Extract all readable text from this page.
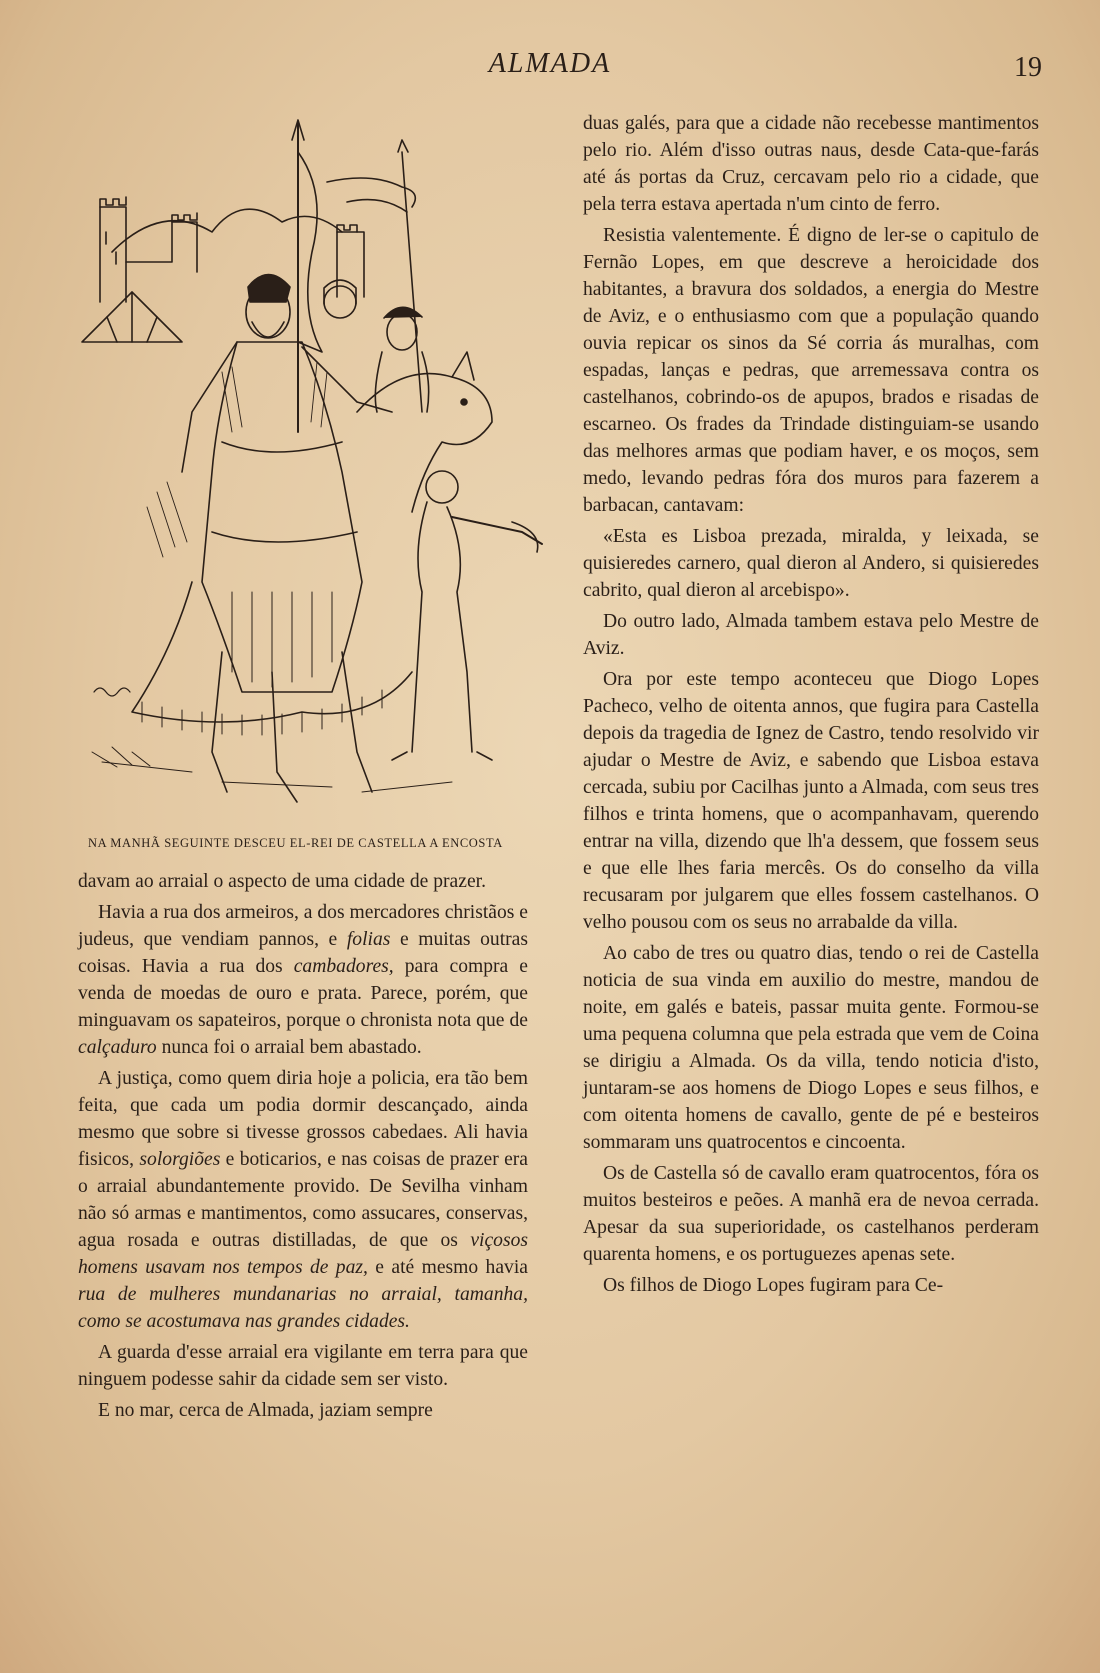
ALMADA	19
NA MANHÃ SEGUINTE DESCEU EL-REI DE CASTELLA A ENCOSTA

davam ao arraial o aspecto de uma cidade de prazer.

Havia a rua dos armeiros, a dos mercadores christãos e judeus, que vendiam pannos, e folias e muitas outras coisas. Havia a rua dos cambadores, para compra e venda de moedas de ouro e prata. Parece, porém, que minguavam os sapateiros, porque o chronista nota que de calçaduro nunca foi o arraial bem abastado.

A justiça, como quem diria hoje a policia, era tão bem feita, que cada um podia dormir descançado, ainda mesmo que sobre si tivesse grossos cabedaes. Ali havia fisicos, solorgiões e boticarios, e nas coisas de prazer era o arraial abundantemente provido. De Sevilha vinham não só armas e mantimentos, como assucares, conservas, agua rosada e outras distilladas, de que os viçosos homens usavam nos tempos de paz, e até mesmo havia rua de mulheres mundanarias no arraial, tamanha, como se acostumava nas grandes cidades.

A guarda d'esse arraial era vigilante em terra para que ninguem podesse sahir da cidade sem ser visto.

E no mar, cerca de Almada, jaziam sempre

duas galés, para que a cidade não recebesse mantimentos pelo rio. Além d'isso outras naus, desde Cata-que-farás até ás portas da Cruz, cercavam pelo rio a cidade, que pela terra estava apertada n'um cinto de ferro.

Resistia valentemente. É digno de ler-se o capitulo de Fernão Lopes, em que descreve a heroicidade dos habitantes, a bravura dos soldados, a energia do Mestre de Aviz, e o enthusiasmo com que a população quando ouvia repicar os sinos da Sé corria ás muralhas, com espadas, lanças e pedras, que arremessava contra os castelhanos, cobrindo-os de apupos, brados e risadas de escarneo. Os frades da Trindade distinguiam-se usando das melhores armas que podiam haver, e os moços, sem medo, levando pedras fóra dos muros para fazerem a barbacan, cantavam:

«Esta es Lisboa prezada, miralda, y leixada, se quisieredes carnero, qual dieron al Andero, si quisieredes cabrito, qual dieron al arcebispo».

Do outro lado, Almada tambem estava pelo Mestre de Aviz.

Ora por este tempo aconteceu que Diogo Lopes Pacheco, velho de oitenta annos, que fugira para Castella depois da tragedia de Ignez de Castro, tendo resolvido vir ajudar o Mestre de Aviz, e sabendo que Lisboa estava cercada, subiu por Cacilhas junto a Almada, com seus tres filhos e trinta homens, que o acompanhavam, querendo entrar na villa, dizendo que lh'a dessem, que fossem seus e que elle lhes faria mercês. Os do conselho da villa recusaram por julgarem que elles fossem castelhanos. O velho pousou com os seus no arrabalde da villa.

Ao cabo de tres ou quatro dias, tendo o rei de Castella noticia de sua vinda em auxilio do mestre, mandou de noite, em galés e bateis, passar muita gente. Formou-se uma pequena columna que pela estrada que vem de Coina se dirigiu a Almada. Os da villa, tendo noticia d'isto, juntaram-se aos homens de Diogo Lopes e seus filhos, e com oitenta homens de cavallo, gente de pé e besteiros sommaram uns quatrocentos e cincoenta.

Os de Castella só de cavallo eram quatrocentos, fóra os muitos besteiros e peões. A manhã era de nevoa cerrada. Apesar da sua superioridade, os castelhanos perderam quarenta homens, e os portuguezes apenas sete.

Os filhos de Diogo Lopes fugiram para Ce-
